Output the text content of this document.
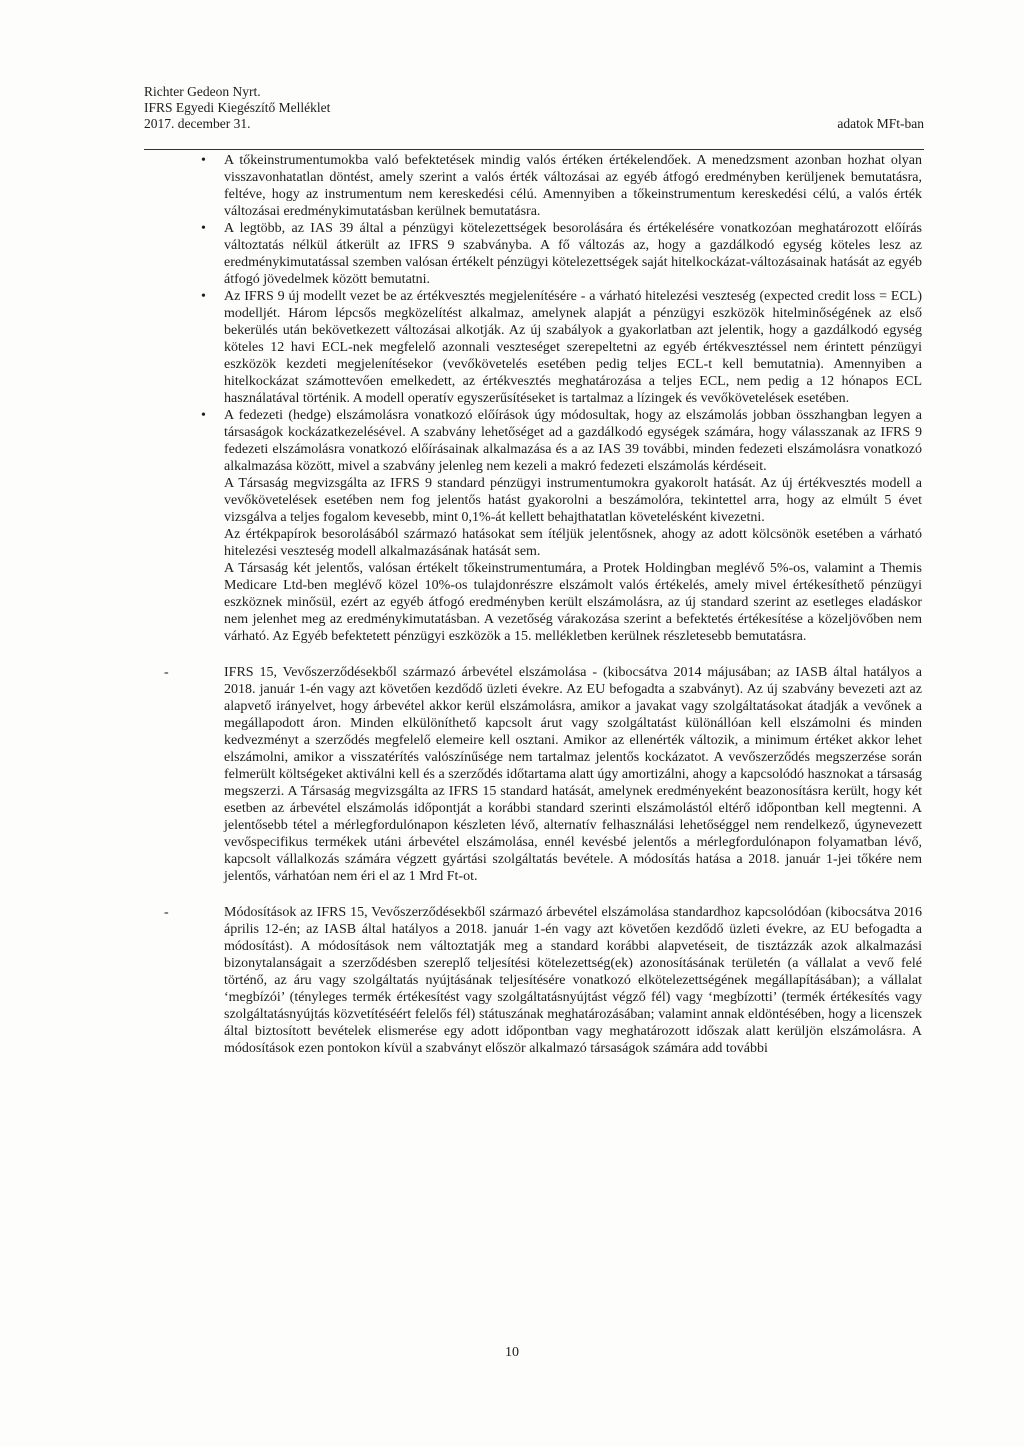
Richter Gedeon Nyrt.
IFRS Egyedi Kiegészítő Melléklet
2017. december 31.	adatok MFt-ban
• A tőkeinstrumentumokba való befektetések mindig valós értéken értékelendőek. A menedzsment azonban hozhat olyan visszavonhatatlan döntést, amely szerint a valós érték változásai az egyéb átfogó eredményben kerüljenek bemutatásra, feltéve, hogy az instrumentum nem kereskedési célú. Amennyiben a tőkeinstrumentum kereskedési célú, a valós érték változásai eredménykimutatásban kerülnek bemutatásra.
• A legtöbb, az IAS 39 által a pénzügyi kötelezettségek besorolására és értékelésére vonatkozóan meghatározott előírás változtatás nélkül átkerült az IFRS 9 szabványba. A fő változás az, hogy a gazdálkodó egység köteles lesz az eredménykimutatással szemben valósan értékelt pénzügyi kötelezettségek saját hitelkockázat-változásainak hatását az egyéb átfogó jövedelmek között bemutatni.
• Az IFRS 9 új modellt vezet be az értékvesztés megjelenítésére - a várható hitelezési veszteség (expected credit loss = ECL) modelljét. Három lépcsős megközelítést alkalmaz, amelynek alapját a pénzügyi eszközök hitelminőségének az első bekerülés után bekövetkezett változásai alkotják. Az új szabályok a gyakorlatban azt jelentik, hogy a gazdálkodó egység köteles 12 havi ECL-nek megfelelő azonnali veszteséget szerepeltetni az egyéb értékvesztéssel nem érintett pénzügyi eszközök kezdeti megjelenítésekor (vevőkövetelés esetében pedig teljes ECL-t kell bemutatnia). Amennyiben a hitelkockázat számottevően emelkedett, az értékvesztés meghatározása a teljes ECL, nem pedig a 12 hónapos ECL használatával történik. A modell operatív egyszerűsítéseket is tartalmaz a lízingek és vevőkövetelések esetében.
• A fedezeti (hedge) elszámolásra vonatkozó előírások úgy módosultak, hogy az elszámolás jobban összhangban legyen a társaságok kockázatkezelésével. A szabvány lehetőséget ad a gazdálkodó egységek számára, hogy válasszanak az IFRS 9 fedezeti elszámolásra vonatkozó előírásainak alkalmazása és a az IAS 39 további, minden fedezeti elszámolásra vonatkozó alkalmazása között, mivel a szabvány jelenleg nem kezeli a makró fedezeti elszámolás kérdéseit.
A Társaság megvizsgálta az IFRS 9 standard pénzügyi instrumentumokra gyakorolt hatását. Az új értékvesztés modell a vevőkövetelések esetében nem fog jelentős hatást gyakorolni a beszámolóra, tekintettel arra, hogy az elmúlt 5 évet vizsgálva a teljes fogalom kevesebb, mint 0,1%-át kellett behajthatatlan követelésként kivezetni.
Az értékpapírok besorolásából származó hatásokat sem ítéljük jelentősnek, ahogy az adott kölcsönök esetében a várható hitelezési veszteség modell alkalmazásának hatását sem.
A Társaság két jelentős, valósan értékelt tőkeinstrumentumára, a Protek Holdingban meglévő 5%-os, valamint a Themis Medicare Ltd-ben meglévő közel 10%-os tulajdonrészre elszámolt valós értékelés, amely mivel értékesíthető pénzügyi eszköznek minősül, ezért az egyéb átfogó eredményben került elszámolásra, az új standard szerint az esetleges eladáskor nem jelenhet meg az eredménykimutatásban. A vezetőség várakozása szerint a befektetés értékesítése a közeljövőben nem várható. Az Egyéb befektetett pénzügyi eszközök a 15. mellékletben kerülnek részletesebb bemutatásra.
- IFRS 15, Vevőszerződésekből származó árbevétel elszámolása - (kibocsátva 2014 májusában; az IASB által hatályos a 2018. január 1-én vagy azt követően kezdődő üzleti évekre. Az EU befogadta a szabványt). Az új szabvány bevezeti azt az alapvető irányelvet, hogy árbevétel akkor kerül elszámolásra, amikor a javakat vagy szolgáltatásokat átadják a vevőnek a megállapodott áron. Minden elkülöníthető kapcsolt árut vagy szolgáltatást különállóan kell elszámolni és minden kedvezményt a szerződés megfelelő elemeire kell osztani. Amikor az ellenérték változik, a minimum értéket akkor lehet elszámolni, amikor a visszatérítés valószínűsége nem tartalmaz jelentős kockázatot. A vevőszerződés megszerzése során felmerült költségeket aktiválni kell és a szerződés időtartama alatt úgy amortizálni, ahogy a kapcsolódó hasznokat a társaság megszerzi. A Társaság megvizsgálta az IFRS 15 standard hatását, amelynek eredményeként beazonosításra került, hogy két esetben az árbevétel elszámolás időpontját a korábbi standard szerinti elszámolástól eltérő időpontban kell megtenni. A jelentősebb tétel a mérlegfordulónapon készleten lévő, alternatív felhasználási lehetőséggel nem rendelkező, úgynevezett vevőspecifikus termékek utáni árbevétel elszámolása, ennél kevésbé jelentős a mérlegfordulónapon folyamatban lévő, kapcsolt vállalkozás számára végzett gyártási szolgáltatás bevétele. A módosítás hatása a 2018. január 1-jei tőkére nem jelentős, várhatóan nem éri el az 1 Mrd Ft-ot.
- Módosítások az IFRS 15, Vevőszerződésekből származó árbevétel elszámolása standardhoz kapcsolódóan (kibocsátva 2016 április 12-én; az IASB által hatályos a 2018. január 1-én vagy azt követően kezdődő üzleti évekre, az EU befogadta a módosítást). A módosítások nem változtatják meg a standard korábbi alapvetéseit, de tisztázzák azok alkalmazási bizonytalanságait a szerződésben szereplő teljesítési kötelezettség(ek) azonosításának területén (a vállalat a vevő felé történő, az áru vagy szolgáltatás nyújtásának teljesítésére vonatkozó elkötelezettségének megállapításában); a vállalat ‘megbízói’ (tényleges termék értékesítést vagy szolgáltatásnyújtást végző fél) vagy ‘megbízotti’ (termék értékesítés vagy szolgáltatásnyújtás közvetítéséért felelős fél) státuszának meghatározásában; valamint annak eldöntésében, hogy a licenszek által biztosított bevételek elismerése egy adott időpontban vagy meghatározott időszak alatt kerüljön elszámolásra. A módosítások ezen pontokon kívül a szabványt először alkalmazó társaságok számára add további
10
